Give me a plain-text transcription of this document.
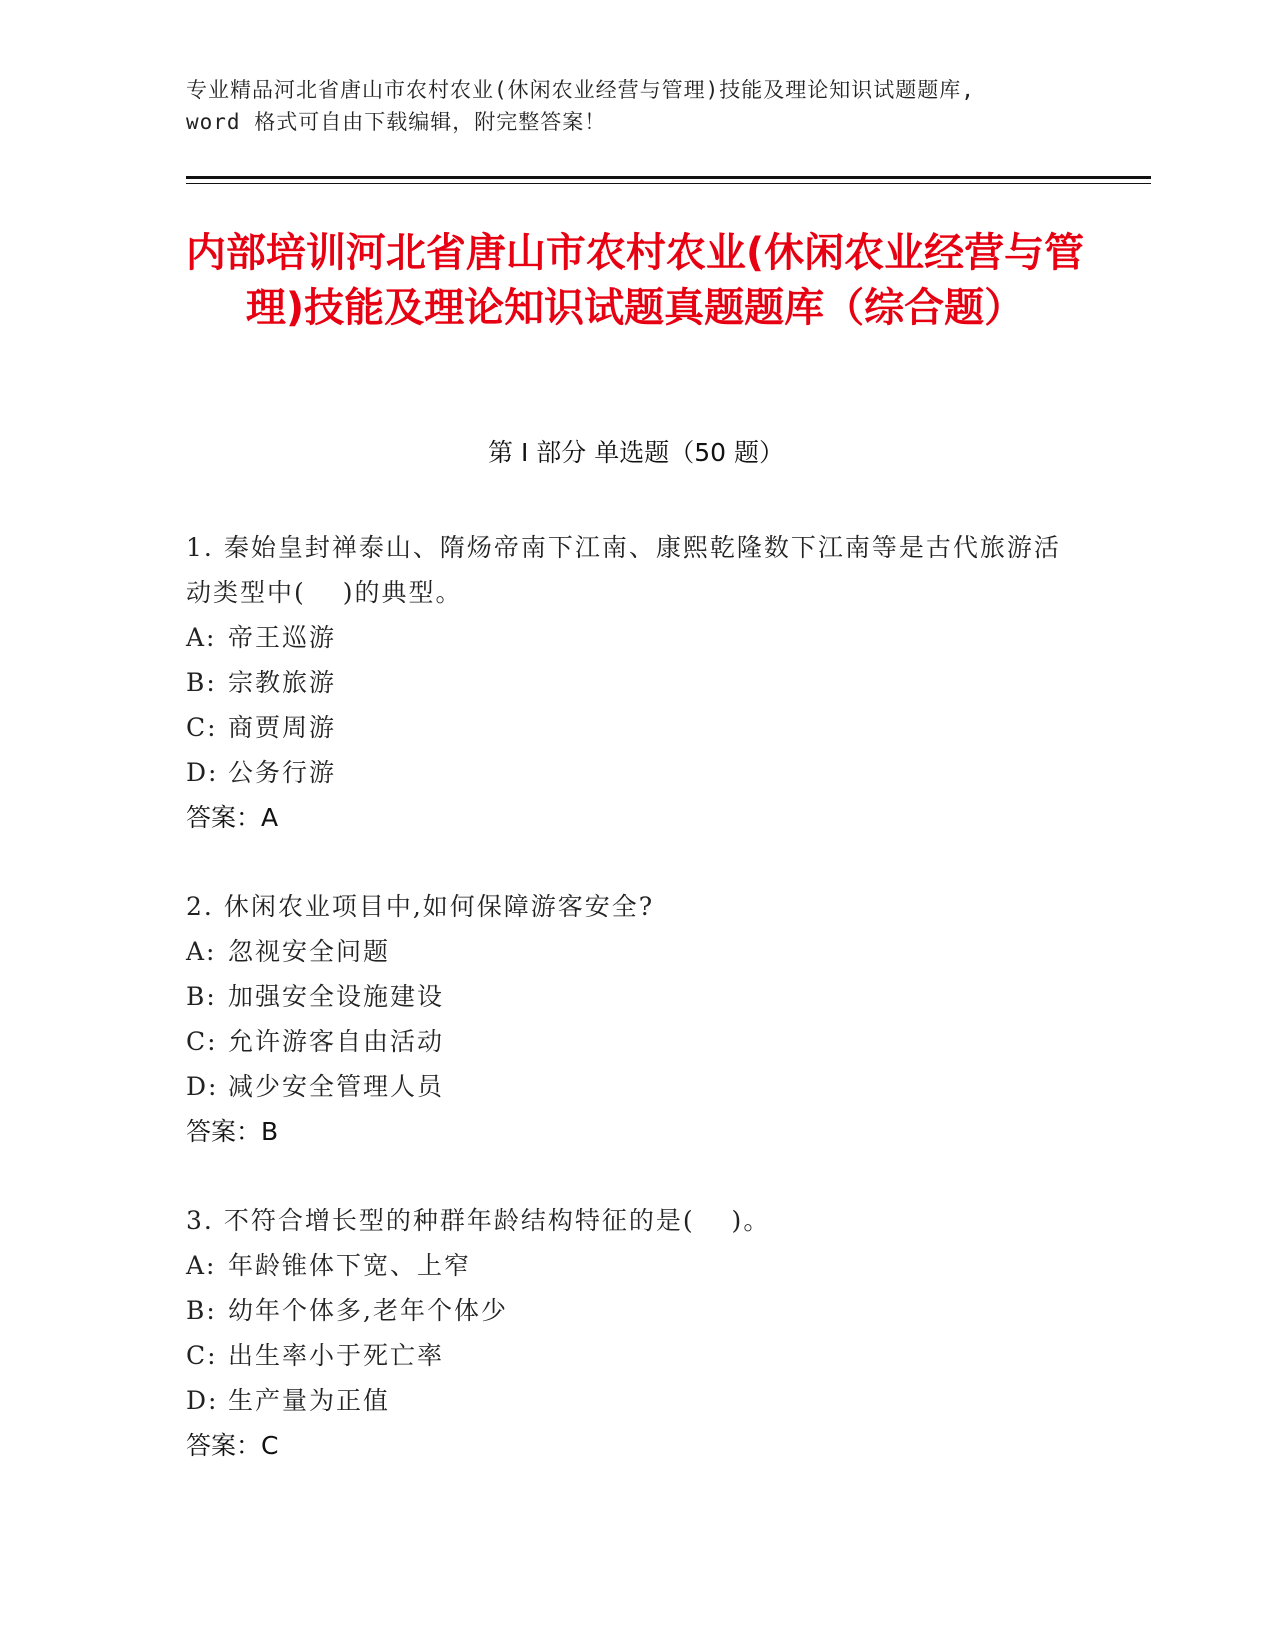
专业精品河北省唐山市农村农业(休闲农业经营与管理)技能及理论知识试题题库,
word 格式可自由下载编辑，附完整答案！
内部培训河北省唐山市农村农业(休闲农业经营与管理)技能及理论知识试题真题题库（综合题）
第 I 部分 单选题（50 题）
1. 秦始皇封禅泰山、隋炀帝南下江南、康熙乾隆数下江南等是古代旅游活动类型中(　 )的典型。
A: 帝王巡游
B: 宗教旅游
C: 商贾周游
D: 公务行游
答案：A
2. 休闲农业项目中,如何保障游客安全?
A: 忽视安全问题
B: 加强安全设施建设
C: 允许游客自由活动
D: 减少安全管理人员
答案：B
3. 不符合增长型的种群年龄结构特征的是(　 )。
A: 年龄锥体下宽、上窄
B: 幼年个体多,老年个体少
C: 出生率小于死亡率
D: 生产量为正值
答案：C
